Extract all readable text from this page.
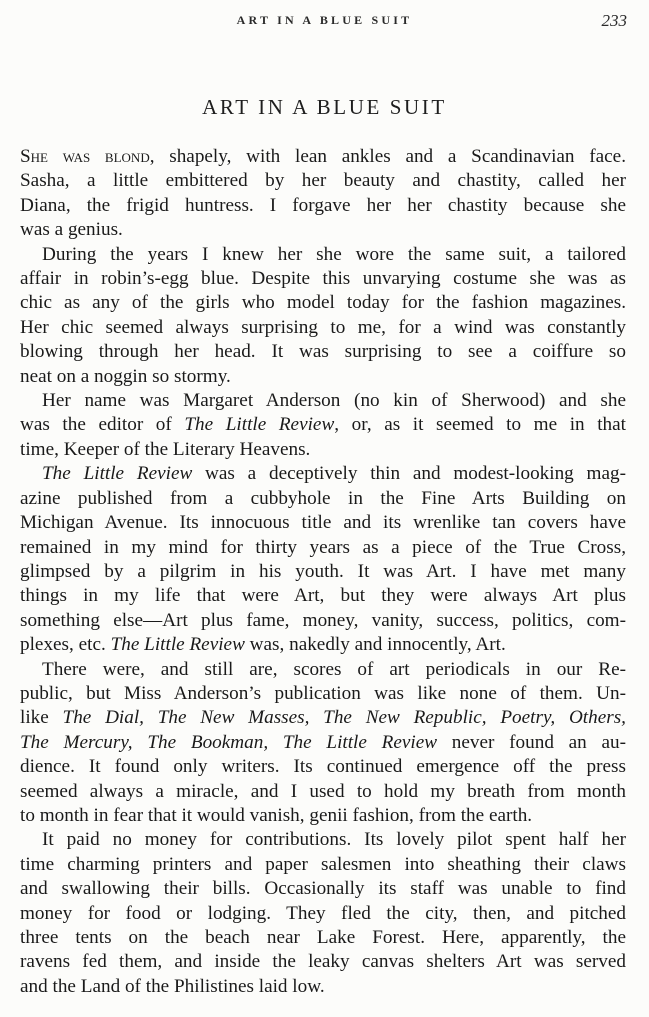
ART IN A BLUE SUIT	233
ART IN A BLUE SUIT
She was blond, shapely, with lean ankles and a Scandinavian face.
Sasha, a little embittered by her beauty and chastity, called her
Diana, the frigid huntress. I forgave her her chastity because she
was a genius.
During the years I knew her she wore the same suit, a tailored
affair in robin’s-egg blue. Despite this unvarying costume she was as
chic as any of the girls who model today for the fashion magazines.
Her chic seemed always surprising to me, for a wind was constantly
blowing through her head. It was surprising to see a coiffure so
neat on a noggin so stormy.
Her name was Margaret Anderson (no kin of Sherwood) and she
was the editor of The Little Review, or, as it seemed to me in that
time, Keeper of the Literary Heavens.
The Little Review was a deceptively thin and modest-looking mag-
azine published from a cubbyhole in the Fine Arts Building on
Michigan Avenue. Its innocuous title and its wrenlike tan covers have
remained in my mind for thirty years as a piece of the True Cross,
glimpsed by a pilgrim in his youth. It was Art. I have met many
things in my life that were Art, but they were always Art plus
something else—Art plus fame, money, vanity, success, politics, com-
plexes, etc. The Little Review was, nakedly and innocently, Art.
There were, and still are, scores of art periodicals in our Re-
public, but Miss Anderson’s publication was like none of them. Un-
like The Dial, The New Masses, The New Republic, Poetry, Others,
The Mercury, The Bookman, The Little Review never found an au-
dience. It found only writers. Its continued emergence off the press
seemed always a miracle, and I used to hold my breath from month
to month in fear that it would vanish, genii fashion, from the earth.
It paid no money for contributions. Its lovely pilot spent half her
time charming printers and paper salesmen into sheathing their claws
and swallowing their bills. Occasionally its staff was unable to find
money for food or lodging. They fled the city, then, and pitched
three tents on the beach near Lake Forest. Here, apparently, the
ravens fed them, and inside the leaky canvas shelters Art was served
and the Land of the Philistines laid low.
